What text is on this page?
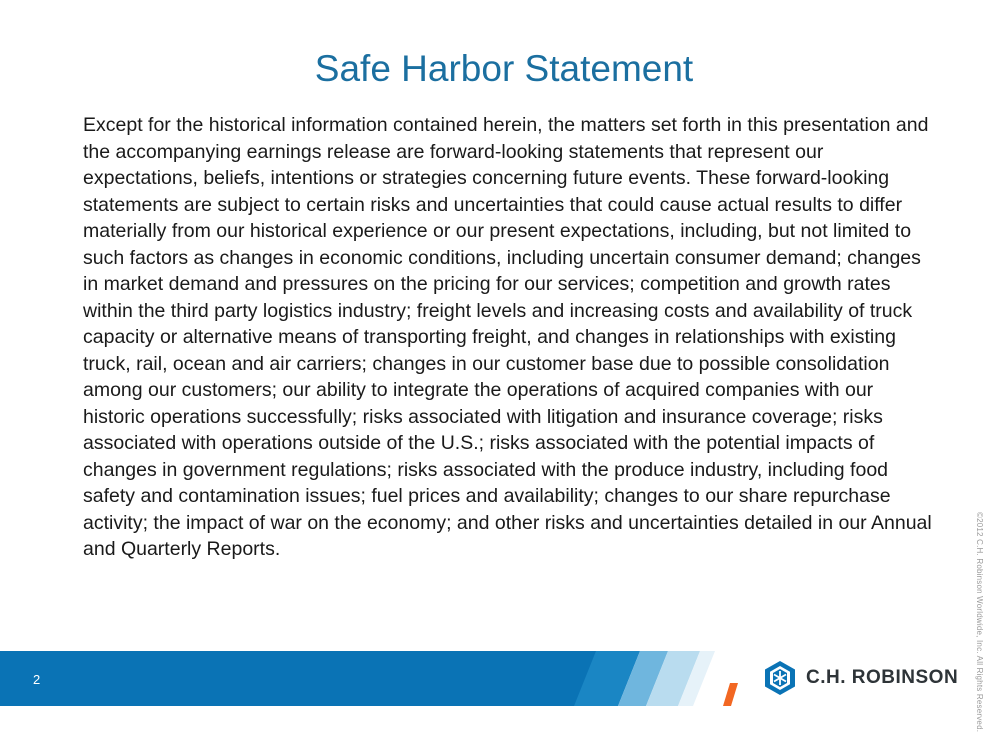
Safe Harbor Statement
Except for the historical information contained herein, the matters set forth in this presentation and the accompanying earnings release are forward-looking statements that represent our expectations, beliefs, intentions or strategies concerning future events. These forward-looking statements are subject to certain risks and uncertainties that could cause actual results to differ materially from our historical experience or our present expectations, including, but not limited to such factors as changes in economic conditions, including uncertain consumer demand; changes in market demand and pressures on the pricing for our services; competition and growth rates within the third party logistics industry; freight levels and increasing costs and availability of truck capacity or alternative means of transporting freight, and changes in relationships with existing truck, rail, ocean and air carriers; changes in our customer base due to possible consolidation among our customers; our ability to integrate the operations of acquired companies with our historic operations successfully; risks associated with litigation and insurance coverage; risks associated with operations outside of the U.S.; risks associated with the potential impacts of changes in government regulations; risks associated with the produce industry, including food safety and contamination issues; fuel prices and availability; changes to our share repurchase activity; the impact of war on the economy; and other risks and uncertainties detailed in our Annual and Quarterly Reports.	©2012 C.H. Robinson Worldwide, Inc. All Rights Reserved.
2	C.H. ROBINSON
